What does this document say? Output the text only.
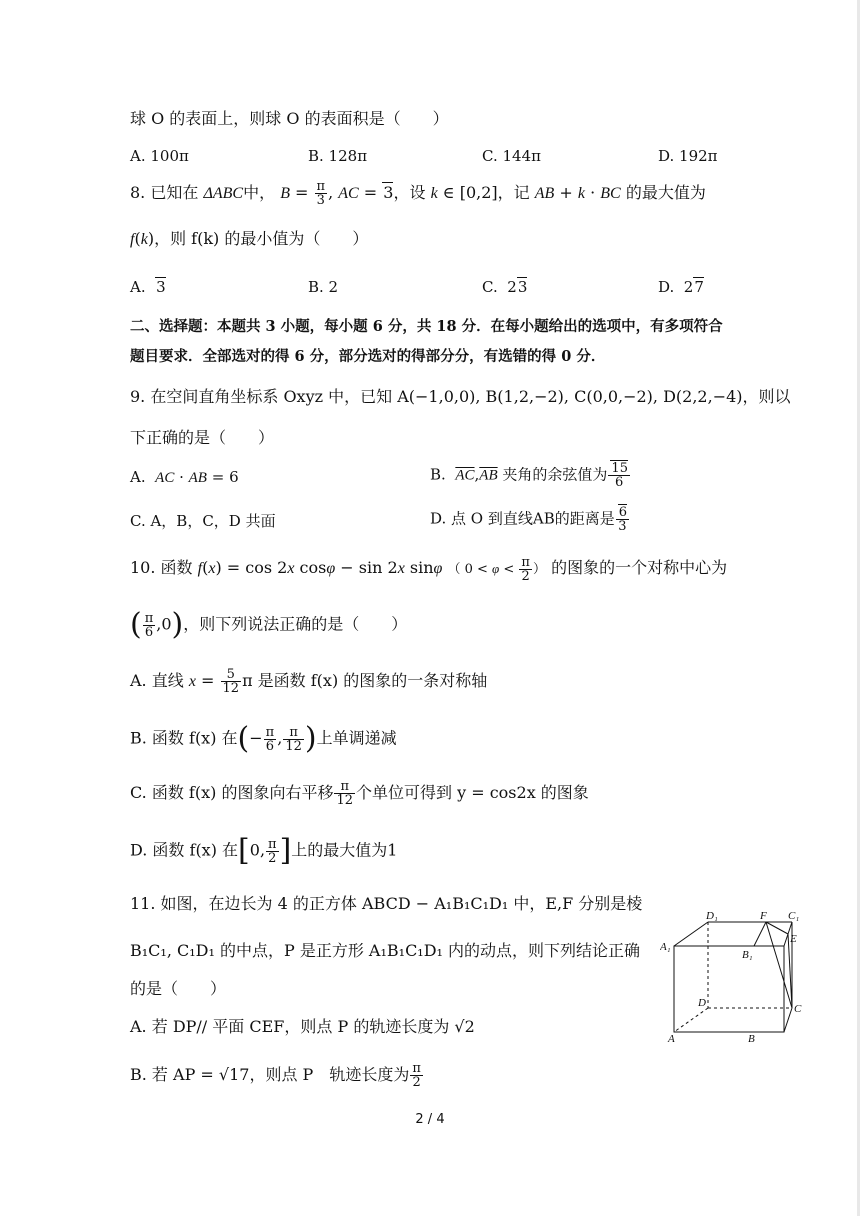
球 O 的表面上，则球 O 的表面积是（　　）
A. 100π	B. 128π	C. 144π	D. 192π
8. 已知在 ΔABC中， $B = \frac{\pi}{3}$ , AC = 3，设 k ∈ [0,2]，记 AB + k · BC 的最大值为
f(k)，则 f(k) 的最小值为（　　）
A. 3	B. 2	C.  23	D.  27
二、选择题：本题共 3 小题，每小题 6 分，共 18 分．在每小题给出的选项中，有多项符合
题目要求．全部选对的得 6 分，部分选对的得部分分，有选错的得 0 分．
9. 在空间直角坐标系 Oxyz 中，已知 A(−1,0,0), B(1,2,−2), C(0,0,−2), D(2,2,−4)，则以
下正确的是（　　）
A. AC · AB = 6	B. $\overline{AC},\overline{AB}$ 夹角的余弦值为 $\frac{15}{6}$
C. A，B，C，D 共面	D. 点 O 到直线AB的距离是 $\frac{6}{3}$
10. 函数 f(x) = cos 2x cosφ − sin 2x sinφ （ $0 < \varphi < \frac{\pi}{2}$ ） 的图象的一个对称中心为
( $\frac{\pi}{6} ,0$)，则下列说法正确的是（　　）
A. 直线 $x = \frac{5}{12}$ π 是函数 f(x) 的图象的一条对称轴
B. 函数 f(x) 在(− $\frac{\pi}{6}$ , $\frac{\pi}{12}$ )上单调递减
C. 函数 f(x) 的图象向右平移 $\frac{\pi}{12}$ 个单位可得到 y = cos2x 的图象
D. 函数 f(x) 在[0, $\frac{\pi}{2}$ ]上的最大值为1
11. 如图，在边长为 4 的正方体 ABCD − A₁B₁C₁D₁ 中，E,F 分别是棱
B₁C₁, C₁D₁ 的中点，P 是正方形 A₁B₁C₁D₁ 内的动点，则下列结论正确
的是（　　）
A. 若 DP// 平面 CEF，则点 P 的轨迹长度为 √2
B. 若 AP = √17，则点 P　轨迹长度为 $\frac{\pi}{2}$
D₁	F C₁
A₁
E
B₁
D	C
A	B
2 / 4
